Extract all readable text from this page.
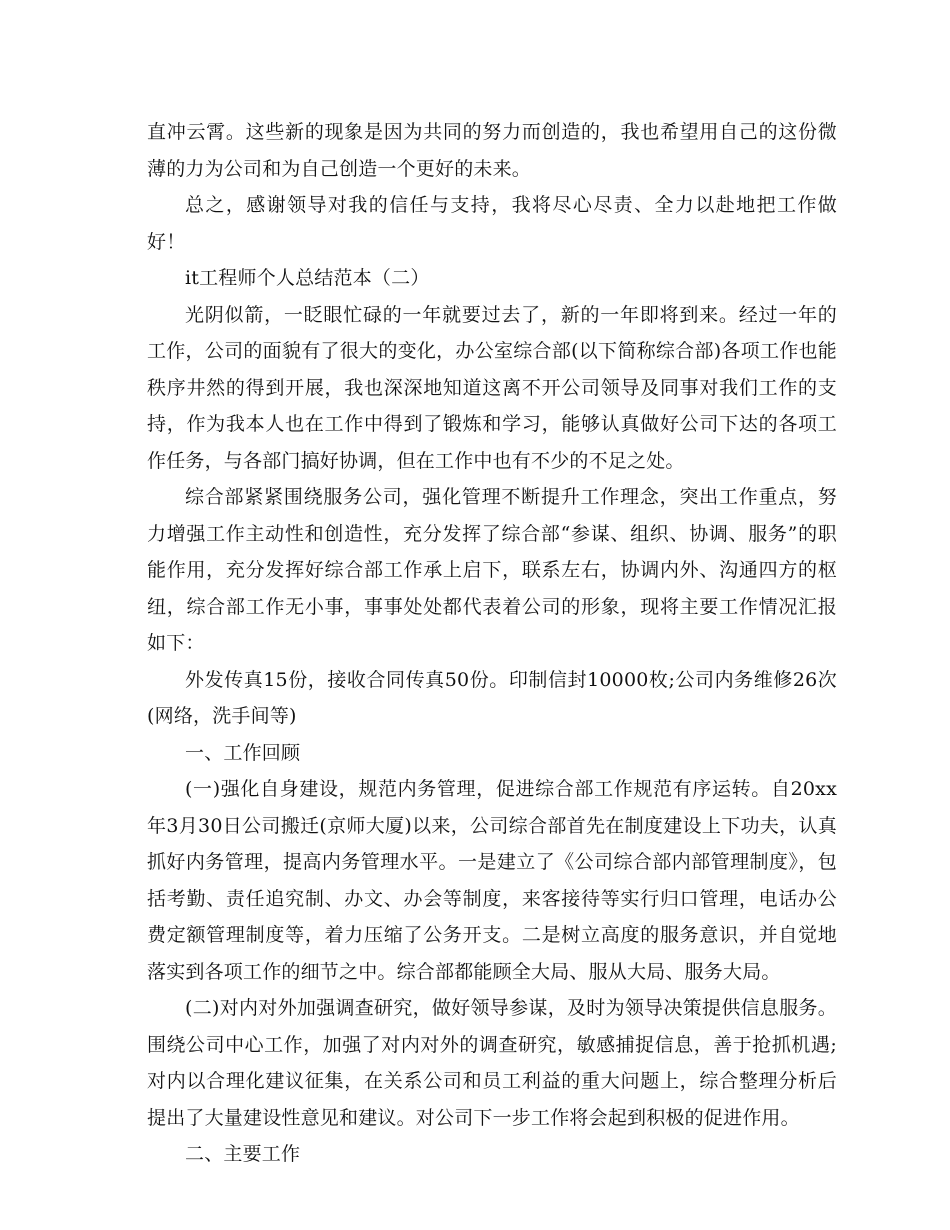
直冲云霄。这些新的现象是因为共同的努力而创造的，我也希望用自己的这份微薄的力为公司和为自己创造一个更好的未来。

总之，感谢领导对我的信任与支持，我将尽心尽责、全力以赴地把工作做好！

it工程师个人总结范本（二）

光阴似箭，一眨眼忙碌的一年就要过去了，新的一年即将到来。经过一年的工作，公司的面貌有了很大的变化，办公室综合部(以下简称综合部)各项工作也能秩序井然的得到开展，我也深深地知道这离不开公司领导及同事对我们工作的支持，作为我本人也在工作中得到了锻炼和学习，能够认真做好公司下达的各项工作任务，与各部门搞好协调，但在工作中也有不少的不足之处。

综合部紧紧围绕服务公司，强化管理不断提升工作理念，突出工作重点，努力增强工作主动性和创造性，充分发挥了综合部“参谋、组织、协调、服务”的职能作用，充分发挥好综合部工作承上启下，联系左右，协调内外、沟通四方的枢纽，综合部工作无小事，事事处处都代表着公司的形象，现将主要工作情况汇报如下：

外发传真15份，接收合同传真50份。印制信封10000枚;公司内务维修26次(网络，洗手间等)

一、工作回顾

(一)强化自身建设，规范内务管理，促进综合部工作规范有序运转。自20xx年3月30日公司搬迁(京师大厦)以来，公司综合部首先在制度建设上下功夫，认真抓好内务管理，提高内务管理水平。一是建立了《公司综合部内部管理制度》，包括考勤、责任追究制、办文、办会等制度，来客接待等实行归口管理，电话办公费定额管理制度等，着力压缩了公务开支。二是树立高度的服务意识，并自觉地落实到各项工作的细节之中。综合部都能顾全大局、服从大局、服务大局。

(二)对内对外加强调查研究，做好领导参谋，及时为领导决策提供信息服务。围绕公司中心工作，加强了对内对外的调查研究，敏感捕捉信息，善于抢抓机遇;对内以合理化建议征集，在关系公司和员工利益的重大问题上，综合整理分析后提出了大量建设性意见和建议。对公司下一步工作将会起到积极的促进作用。

二、主要工作
